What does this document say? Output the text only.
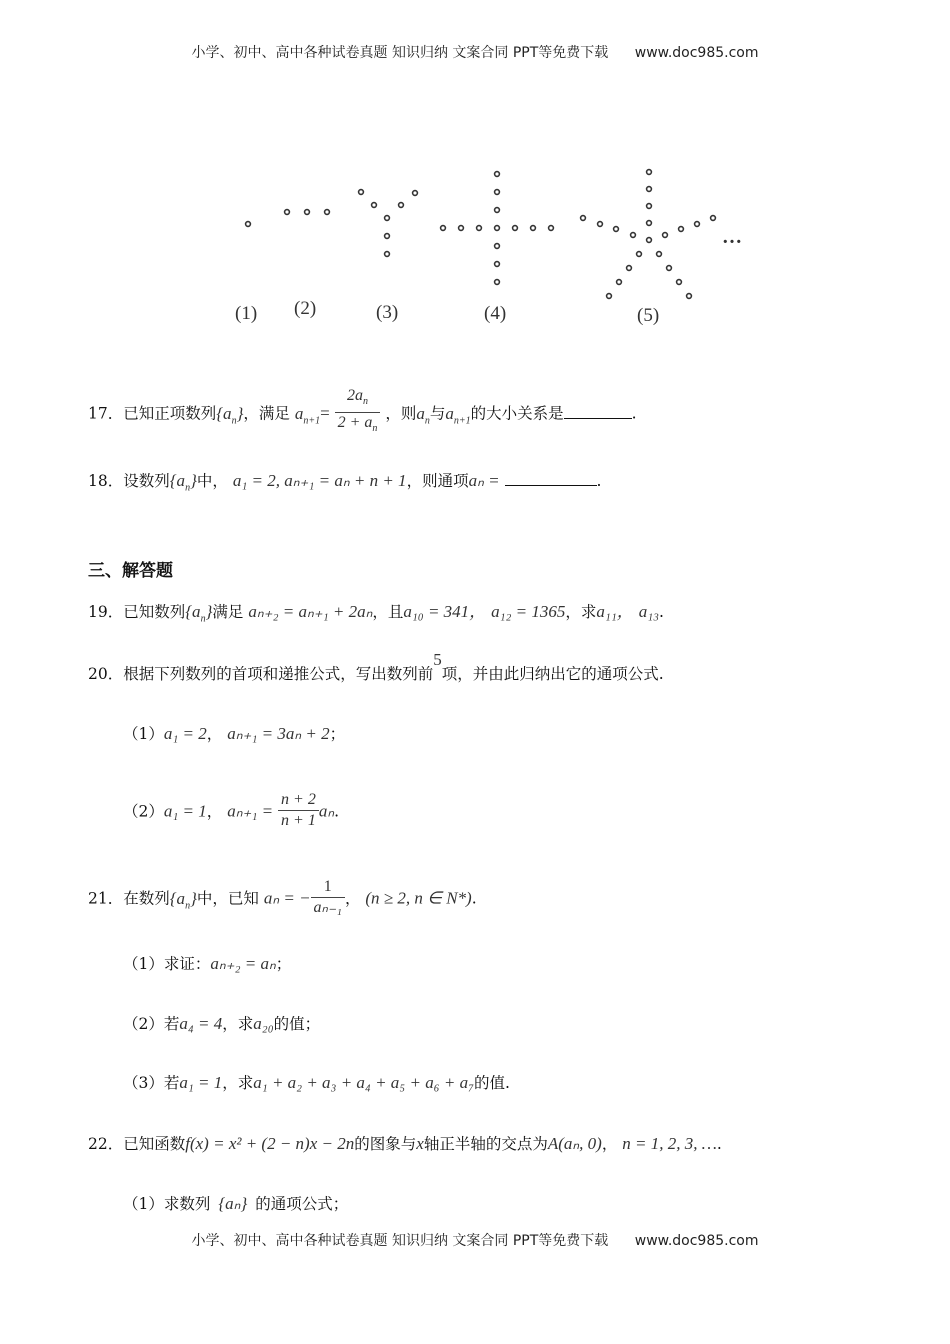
小学、初中、高中各种试卷真题 知识归纳 文案合同 PPT等免费下载 www.doc985.com
…
(1) (2)	(3)	(4)	(5)
17．已知正项数列$\{a_n\}$，满足 $a_{n+1}= \frac{2a_n}{2 + a_n}$ ，则$a_n$与$a_{n+1}$的大小关系是	.
18．设数列$\{a_n\}$中， a₁ = 2, aₙ₊₁ = aₙ + n + 1，则通项aₙ =	.
三、解答题
19．已知数列$\{a_n\}$满足 aₙ₊₂ = aₙ₊₁ + 2aₙ，且a₁₀ = 341， a₁₂ = 1365，求a₁₁， a₁₃.
20．根据下列数列的首项和递推公式，写出数列前5项，并由此归纳出它的通项公式.
（1）a₁ = 2， aₙ₊₁ = 3aₙ + 2；
（2）a₁ = 1， $a_{n+1} = \frac{n + 2}{n + 1} a_n$.
21．在数列$\{a_n\}$中，已知 aₙ = − $\frac{1}{\text{aₙ₋₁}}$ ， (n ≥ 2, n ∈ N*).
（1）求证：aₙ₊₂ = aₙ；
（2）若a₄ = 4，求a₂₀的值；
（3）若a₁ = 1，求a₁ + a₂ + a₃ + a₄ + a₅ + a₆ + a₇的值.
22．已知函数f(x) = x² + (2 − n)x − 2n的图象与x轴正半轴的交点为A(aₙ, 0)， n = 1, 2, 3, ….
（1）求数列 {aₙ} 的通项公式；
小学、初中、高中各种试卷真题 知识归纳 文案合同 PPT等免费下载 www.doc985.com
